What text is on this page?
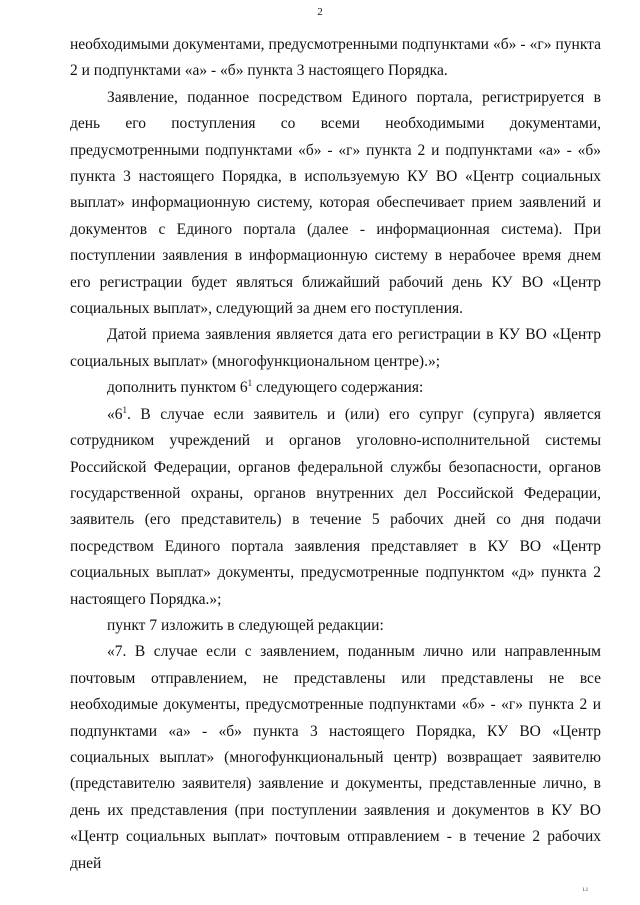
2

необходимыми документами, предусмотренными подпунктами «б» - «г» пункта 2 и подпунктами «а» - «б» пункта 3 настоящего Порядка.

Заявление, поданное посредством Единого портала, регистрируется в день его поступления со всеми необходимыми документами, предусмотренными подпунктами «б» - «г» пункта 2 и подпунктами «а» - «б» пункта 3 настоящего Порядка, в используемую КУ ВО «Центр социальных выплат» информационную систему, которая обеспечивает прием заявлений и документов с Единого портала (далее - информационная система). При поступлении заявления в информационную систему в нерабочее время днем его регистрации будет являться ближайший рабочий день КУ ВО «Центр социальных выплат», следующий за днем его поступления.

Датой приема заявления является дата его регистрации в КУ ВО «Центр социальных выплат» (многофункциональном центре).»;

дополнить пунктом $6^1$ следующего содержания:

«$6^1$. В случае если заявитель и (или) его супруг (супруга) является сотрудником учреждений и органов уголовно-исполнительной системы Российской Федерации, органов федеральной службы безопасности, органов государственной охраны, органов внутренних дел Российской Федерации, заявитель (его представитель) в течение 5 рабочих дней со дня подачи посредством Единого портала заявления представляет в КУ ВО «Центр социальных выплат» документы, предусмотренные подпунктом «д» пункта 2 настоящего Порядка.»;

пункт 7 изложить в следующей редакции:

«7. В случае если с заявлением, поданным лично или направленным почтовым отправлением, не представлены или представлены не все необходимые документы, предусмотренные подпунктами «б» - «г» пункта 2 и подпунктами «а» - «б» пункта 3 настоящего Порядка, КУ ВО «Центр социальных выплат» (многофункциональный центр) возвращает заявителю (представителю заявителя) заявление и документы, представленные лично, в день их представления (при поступлении заявления и документов в КУ ВО «Центр социальных выплат» почтовым отправлением - в течение 2 рабочих дней

ı.ı
